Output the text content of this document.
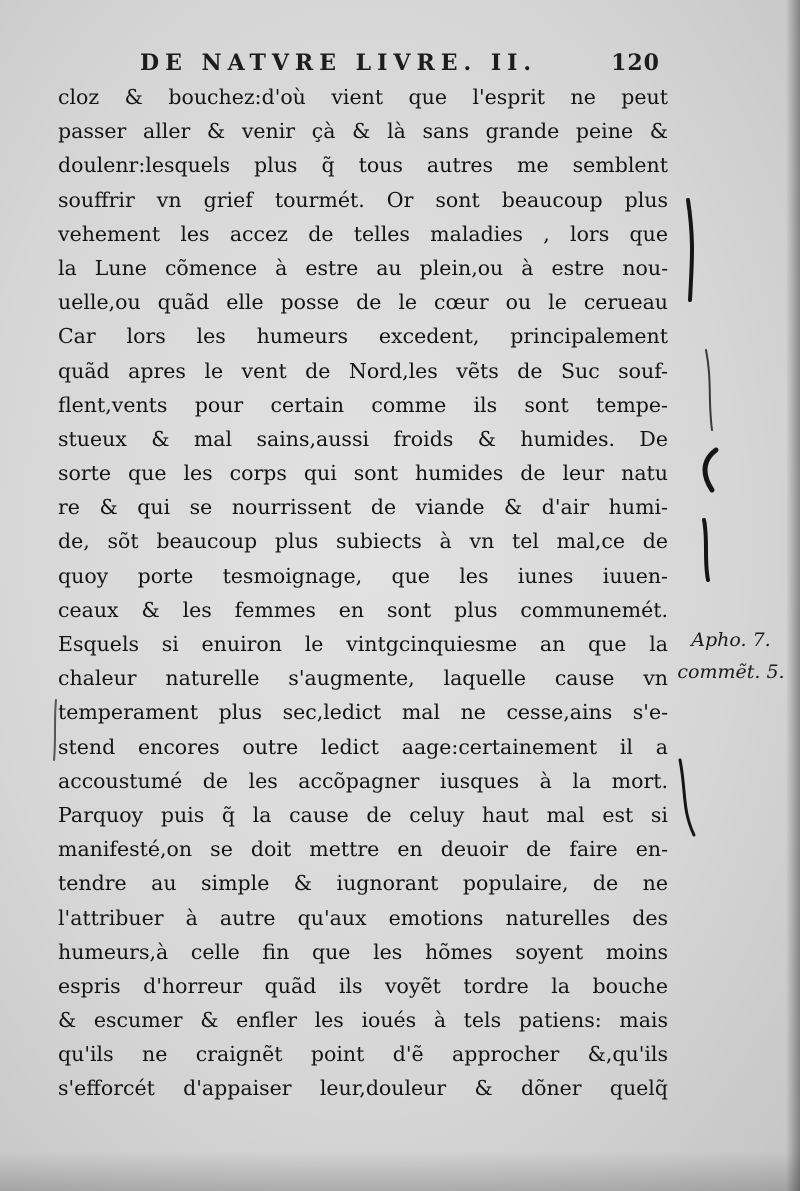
DE NATVRE LIVRE. II.	120
cloz & bouchez:d'où vient que l'esprit ne peut
passer aller & venir çà & là sans grande peine &
doulenr:lesquels plus q̃ tous autres me semblent
souffrir vn grief tourmét. Or sont beaucoup plus
vehement les accez de telles maladies , lors que
la Lune cõmence à estre au plein,ou à estre nou-
uelle,ou quãd elle posse de le cœur ou le cerueau
Car lors les humeurs excedent, principalement
quãd apres le vent de Nord,les vẽts de Suc souf-
flent,vents pour certain comme ils sont tempe-
stueux & mal sains,aussi froids & humides. De
sorte que les corps qui sont humides de leur natu
re & qui se nourrissent de viande & d'air humi-
de, sõt beaucoup plus subiects à vn tel mal,ce de
quoy porte tesmoignage, que les iunes iuuen-
ceaux & les femmes en sont plus communemét.
Esquels si enuiron le vintgcinquiesme an que la
chaleur naturelle s'augmente, laquelle cause vn
temperament plus sec,ledict mal ne cesse,ains s'e-
stend encores outre ledict aage:certainement il a
accoustumé de les accõpagner iusques à la mort.
Parquoy puis q̃ la cause de celuy haut mal est si
manifesté,on se doit mettre en deuoir de faire en-
tendre au simple & iugnorant populaire, de ne
l'attribuer à autre qu'aux emotions naturelles des
humeurs,à celle fin que les hõmes soyent moins
espris d'horreur quãd ils voyẽt tordre la bouche
& escumer & enfler les ioués à tels patiens: mais
qu'ils ne craignẽt point d'ẽ approcher &,qu'ils
s'efforcét d'appaiser leur,douleur & dõner quelq̃
Apho. 7.
commẽt. 5.
